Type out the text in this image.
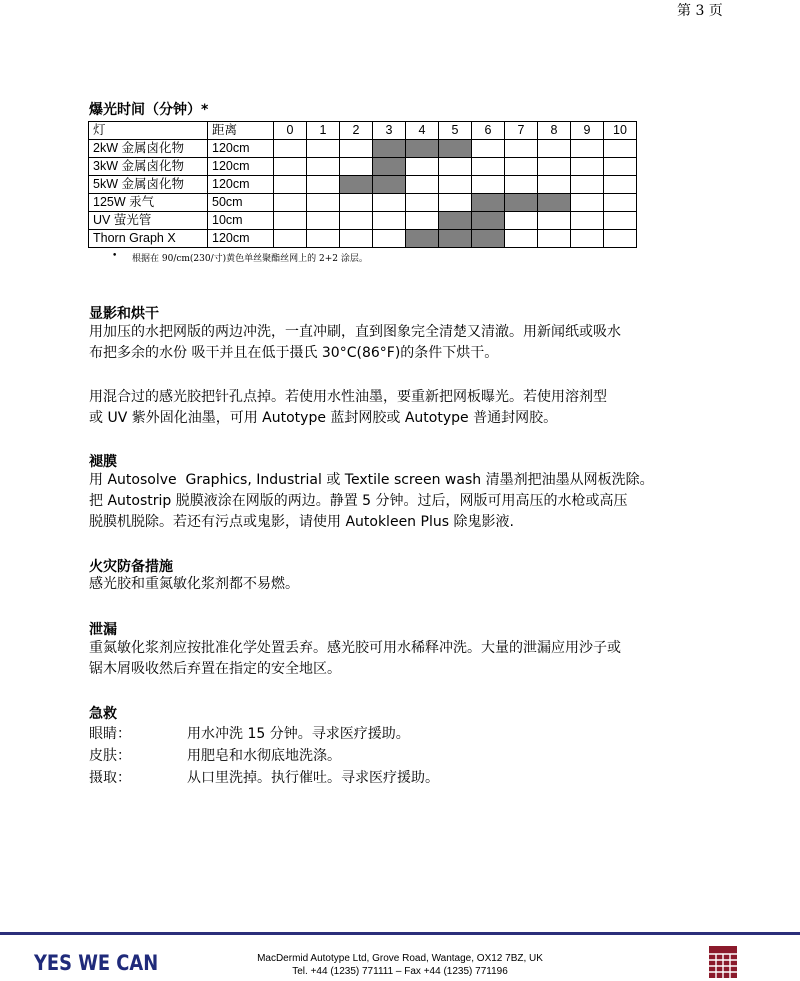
第 3 页
爆光时间（分钟）*
灯	距离	0	1	2	3	4	5	6	7	8	9	10
2kW 金属卤化物	120cm											
3kW 金属卤化物	120cm											
5kW 金属卤化物	120cm											
125W 汞气	50cm											
UV 萤光管	10cm											
Thorn Graph X	120cm											
• 根据在 90/cm(230/寸)黄色单丝聚酯丝网上的 2+2 涂层。
显影和烘干
用加压的水把网版的两边冲洗，一直冲刷，直到图象完全清楚又清澈。用新闻纸或吸水
布把多余的水份 吸干并且在低于摄氏 30°C(86°F)的条件下烘干。
用混合过的感光胶把针孔点掉。若使用水性油墨，要重新把网板曝光。若使用溶剂型
或 UV 紫外固化油墨，可用 Autotype 蓝封网胶或 Autotype 普通封网胶。
褪膜
用 Autosolve  Graphics, Industrial 或 Textile screen wash 清墨剂把油墨从网板洗除。
把 Autostrip 脱膜液涂在网版的两边。静置 5 分钟。过后，网版可用高压的水枪或高压
脱膜机脱除。若还有污点或鬼影，请使用 Autokleen Plus 除鬼影液.
火灾防备措施
感光胶和重氮敏化浆剂都不易燃。
泄漏
重氮敏化浆剂应按批准化学处置丢弃。感光胶可用水稀释冲洗。大量的泄漏应用沙子或
锯木屑吸收然后弃置在指定的安全地区。
急救
眼睛：	用水冲洗 15 分钟。寻求医疗援助。
皮肤：	用肥皂和水彻底地洗涤。
摄取：	从口里洗掉。执行催吐。寻求医疗援助。
YES WE CAN	MacDermid Autotype Ltd, Grove Road, Wantage, OX12 7BZ, UK
Tel. +44 (1235) 771111 – Fax +44 (1235) 771196
